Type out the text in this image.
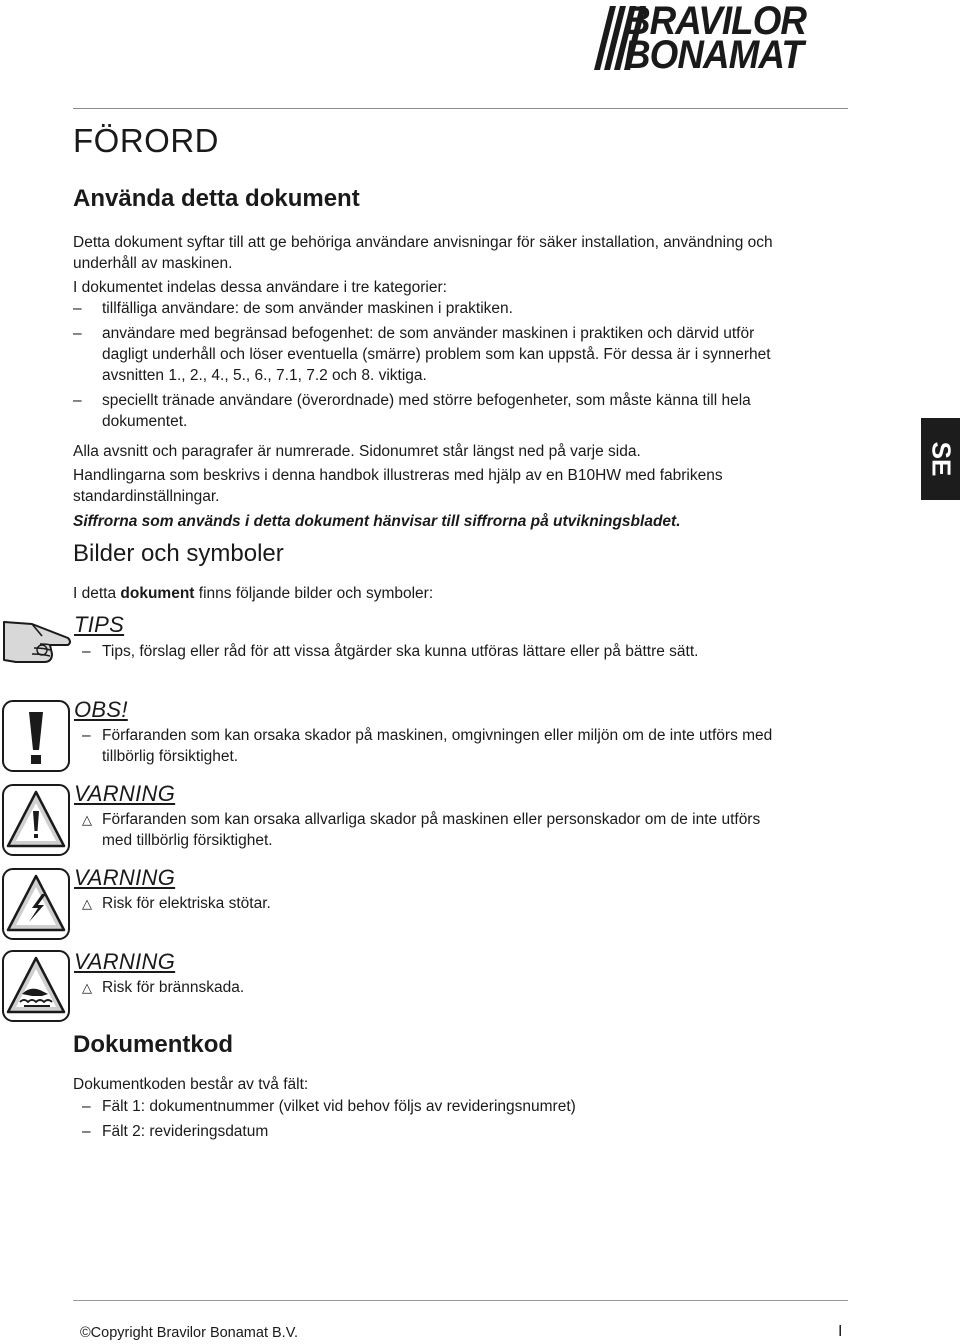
BRAVILOR
BONAMAT
SE
FÖRORD
Använda detta dokument

Detta dokument syftar till att ge behöriga användare anvisningar för säker installation, användning och

underhåll av maskinen.

I dokumentet indelas dessa användare i tre kategorier:

– tillfälliga användare: de som använder maskinen i praktiken.
– användare med begränsad befogenhet: de som använder maskinen i praktiken och därvid utför
dagligt underhåll och löser eventuella (smärre) problem som kan uppstå. För dessa är i synnerhet
avsnitten 1., 2., 4., 5., 6., 7.1, 7.2 och 8. viktiga.
– speciellt tränade användare (överordnade) med större befogenheter, som måste känna till hela
dokumentet.

Alla avsnitt och paragrafer är numrerade. Sidonumret står längst ned på varje sida.

Handlingarna som beskrivs i denna handbok illustreras med hjälp av en B10HW med fabrikens

standardinställningar.

Siffrorna som används i detta dokument hänvisar till siffrorna på utvikningsbladet.

Bilder och symboler

I detta dokument finns följande bilder och symboler:

TIPS

– Tips, förslag eller råd för att vissa åtgärder ska kunna utföras lättare eller på bättre sätt.

OBS!

– Förfaranden som kan orsaka skador på maskinen, omgivningen eller miljön om de inte utförs med
tillbörlig försiktighet.

VARNING

△ Förfaranden som kan orsaka allvarliga skador på maskinen eller personskador om de inte utförs
med tillbörlig försiktighet.

VARNING

△ Risk för elektriska stötar.

VARNING

△ Risk för brännskada.
Dokumentkod

Dokumentkoden består av två fält:

– Fält 1: dokumentnummer (vilket vid behov följs av revideringsnumret)
– Fält 2: revideringsdatum
©Copyright Bravilor Bonamat B.V.	I
